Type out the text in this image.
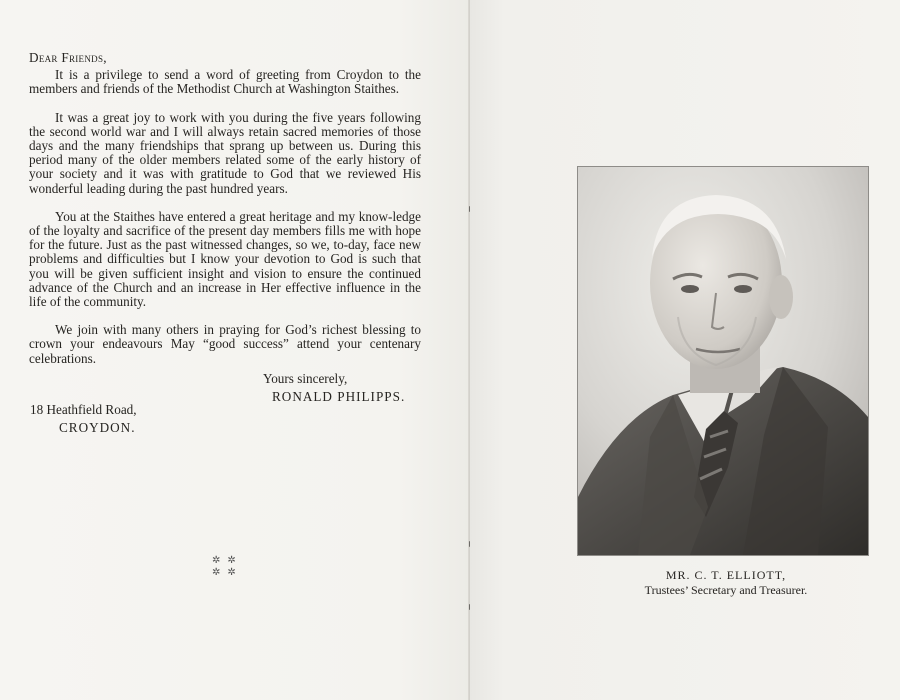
Dear Friends,

It is a privilege to send a word of greeting from Croydon to the members and friends of the Methodist Church at Washington Staithes.

It was a great joy to work with you during the five years following the second world war and I will always retain sacred memories of those days and the many friendships that sprang up between us. During this period many of the older members related some of the early history of your society and it was with gratitude to God that we reviewed His wonderful leading during the past hundred years.

You at the Staithes have entered a great heritage and my know-ledge of the loyalty and sacrifice of the present day members fills me with hope for the future. Just as the past witnessed changes, so we, to-day, face new problems and difficulties but I know your devotion to God is such that you will be given sufficient insight and vision to ensure the continued advance of the Church and an increase in Her effective influence in the life of the community.

We join with many others in praying for God’s richest blessing to crown your endeavours May “good success” attend your centenary celebrations.

Yours sincerely,

RONALD PHILIPPS.

18 Heathfield Road,

CROYDON.

✲✲
✲✲	MR. C. T. ELLIOTT,

Trustees’ Secretary and Treasurer.
